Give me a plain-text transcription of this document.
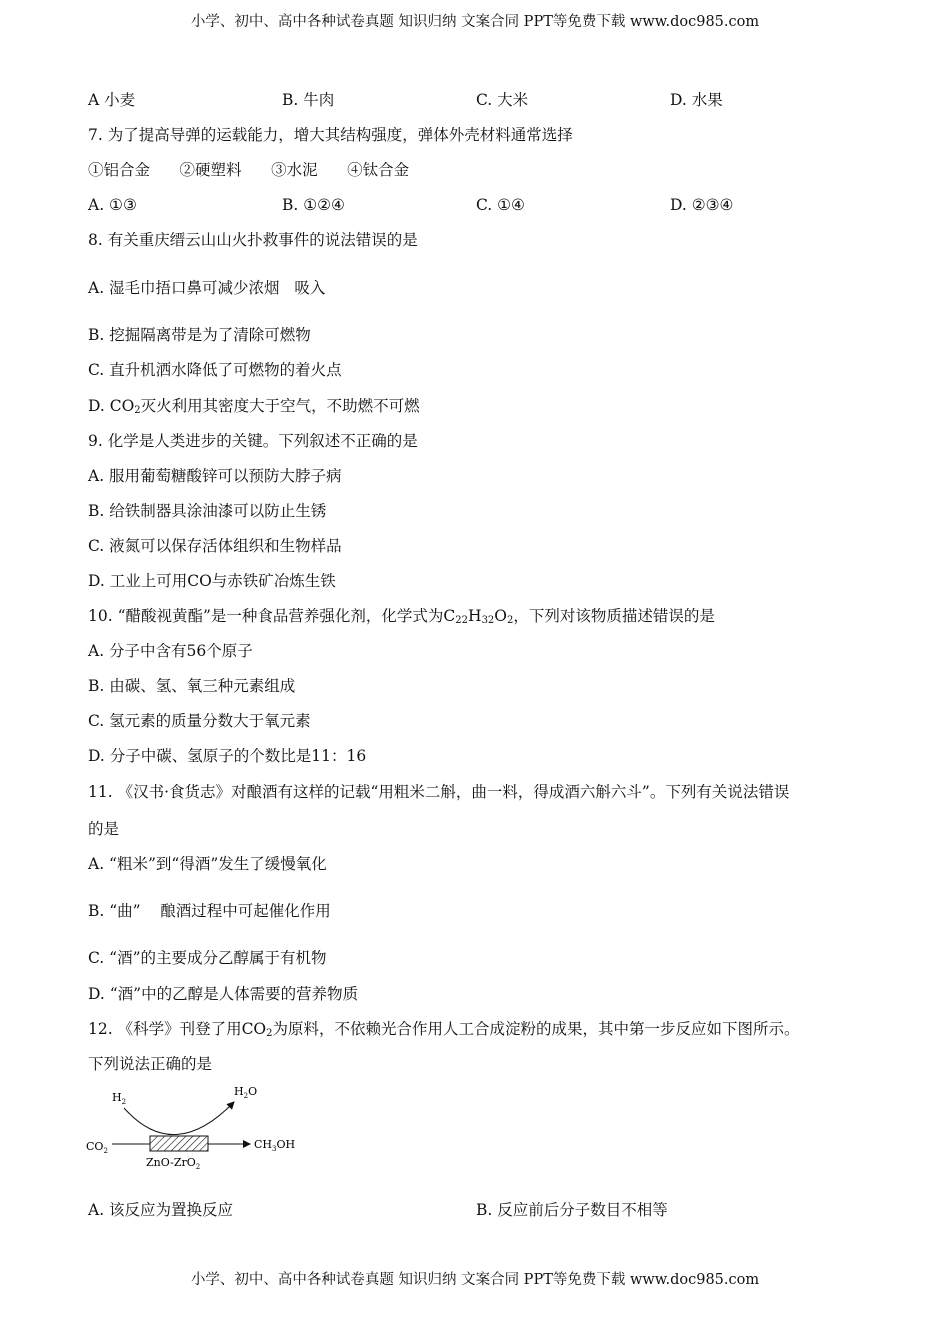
小学、初中、高中各种试卷真题 知识归纳 文案合同 PPT等免费下载 www.doc985.com
A 小麦	B. 牛肉	C. 大米	D. 水果
7. 为了提高导弹的运载能力，增大其结构强度，弹体外壳材料通常选择
①铝合金      ②硬塑料      ③水泥      ④钛合金
A. ①③	B. ①②④	C. ①④	D. ②③④
8. 有关重庆缙云山山火扑救事件的说法错误的是
A. 湿毛巾捂口鼻可减少浓烟   吸入
B. 挖掘隔离带是为了清除可燃物
C. 直升机洒水降低了可燃物的着火点
D. $CO_2$灭火利用其密度大于空气，不助燃不可燃
9. 化学是人类进步的关键。下列叙述不正确的是
A. 服用葡萄糖酸锌可以预防大脖子病
B. 给铁制器具涂油漆可以防止生锈
C. 液氮可以保存活体组织和生物样品
D. 工业上可用CO与赤铁矿冶炼生铁
10. “醋酸视黄酯”是一种食品营养强化剂，化学式为$C_{22}H_{32}O_2$，下列对该物质描述错误的是
A. 分子中含有56个原子
B. 由碳、氢、氧三种元素组成
C. 氢元素的质量分数大于氧元素
D. 分子中碳、氢原子的个数比是11：16
11. 《汉书·食货志》对酿酒有这样的记载“用粗米二斛，曲一料，得成酒六斛六斗”。下列有关说法错误
的是
A. “粗米”到“得酒”发生了缓慢氧化
B. “曲”    酿酒过程中可起催化作用
C. “酒”的主要成分乙醇属于有机物
D. “酒”中的乙醇是人体需要的营养物质
12. 《科学》刊登了用$CO_2$为原料，不依赖光合作用人工合成淀粉的成果，其中第一步反应如下图所示。
下列说法正确的是
$H_2$
$H_2O$
$CO_2$	$CH_3OH$
ZnO-ZrO$_2$
A. 该反应为置换反应	B. 反应前后分子数目不相等
小学、初中、高中各种试卷真题 知识归纳 文案合同 PPT等免费下载 www.doc985.com
